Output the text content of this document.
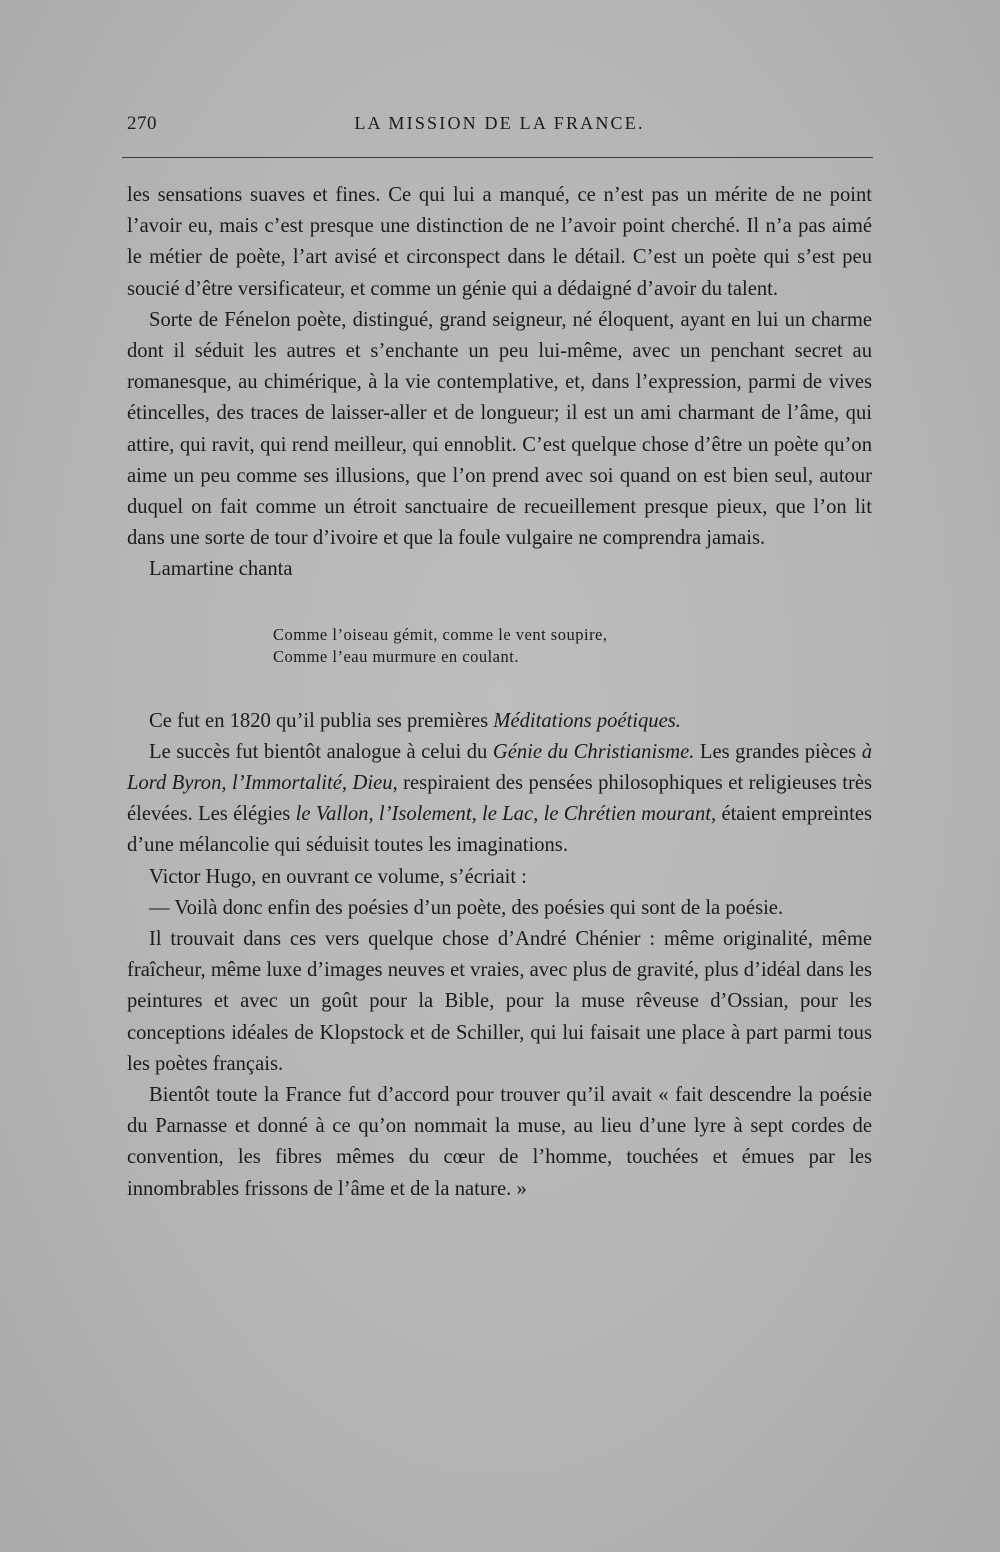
270	LA MISSION DE LA FRANCE.

les sensations suaves et fines. Ce qui lui a manqué, ce n’est pas un mérite de ne point l’avoir eu, mais c’est presque une distinction de ne l’avoir point cherché. Il n’a pas aimé le métier de poète, l’art avisé et circonspect dans le détail. C’est un poète qui s’est peu soucié d’être versificateur, et comme un génie qui a dédaigné d’avoir du talent.

Sorte de Fénelon poète, distingué, grand seigneur, né éloquent, ayant en lui un charme dont il séduit les autres et s’enchante un peu lui-même, avec un penchant secret au romanesque, au chimérique, à la vie contemplative, et, dans l’expression, parmi de vives étincelles, des traces de laisser-aller et de longueur; il est un ami charmant de l’âme, qui attire, qui ravit, qui rend meilleur, qui ennoblit. C’est quelque chose d’être un poète qu’on aime un peu comme ses illusions, que l’on prend avec soi quand on est bien seul, autour duquel on fait comme un étroit sanctuaire de recueillement presque pieux, que l’on lit dans une sorte de tour d’ivoire et que la foule vulgaire ne comprendra jamais.

Lamartine chanta

Comme l’oiseau gémit, comme le vent soupire,
Comme l’eau murmure en coulant.

Ce fut en 1820 qu’il publia ses premières Méditations poétiques.

Le succès fut bientôt analogue à celui du Génie du Christianisme. Les grandes pièces à Lord Byron, l’Immortalité, Dieu, respiraient des pensées philosophiques et religieuses très élevées. Les élégies le Vallon, l’Isolement, le Lac, le Chrétien mourant, étaient empreintes d’une mélancolie qui séduisit toutes les imaginations.

Victor Hugo, en ouvrant ce volume, s’écriait :

— Voilà donc enfin des poésies d’un poète, des poésies qui sont de la poésie.

Il trouvait dans ces vers quelque chose d’André Chénier : même originalité, même fraîcheur, même luxe d’images neuves et vraies, avec plus de gravité, plus d’idéal dans les peintures et avec un goût pour la Bible, pour la muse rêveuse d’Ossian, pour les conceptions idéales de Klopstock et de Schiller, qui lui faisait une place à part parmi tous les poètes français.

Bientôt toute la France fut d’accord pour trouver qu’il avait « fait descendre la poésie du Parnasse et donné à ce qu’on nommait la muse, au lieu d’une lyre à sept cordes de convention, les fibres mêmes du cœur de l’homme, touchées et émues par les innombrables frissons de l’âme et de la nature. »
